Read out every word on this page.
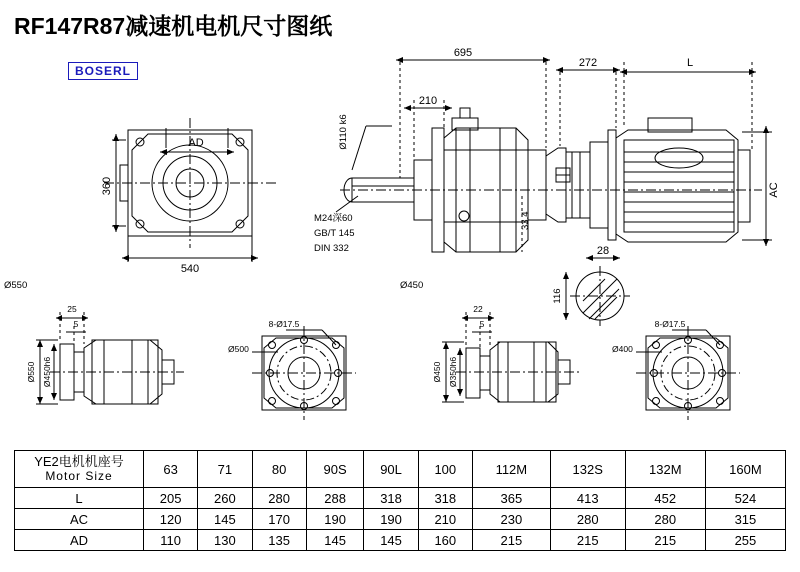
RF147R87减速机电机尺寸图纸
BOSERL
695
272	L
210
Ø110 k6
M24深60
GB/T 145
DIN 332
33.4
AC
28
116
AD
360
540
Ø550	Ø450
25
5
22
5
8-Ø17.5	8-Ø17.5
Ø500	Ø400
Ø550 Ø450h6	Ø450 Ø350h6
YE2电机机座号
Motor Size	63	71	80	90S	90L	100	112M	132S	132M	160M
L	205	260	280	288	318	318	365	413	452	524
AC	120	145	170	190	190	210	230	280	280	315
AD	110	130	135	145	145	160	215	215	215	255
